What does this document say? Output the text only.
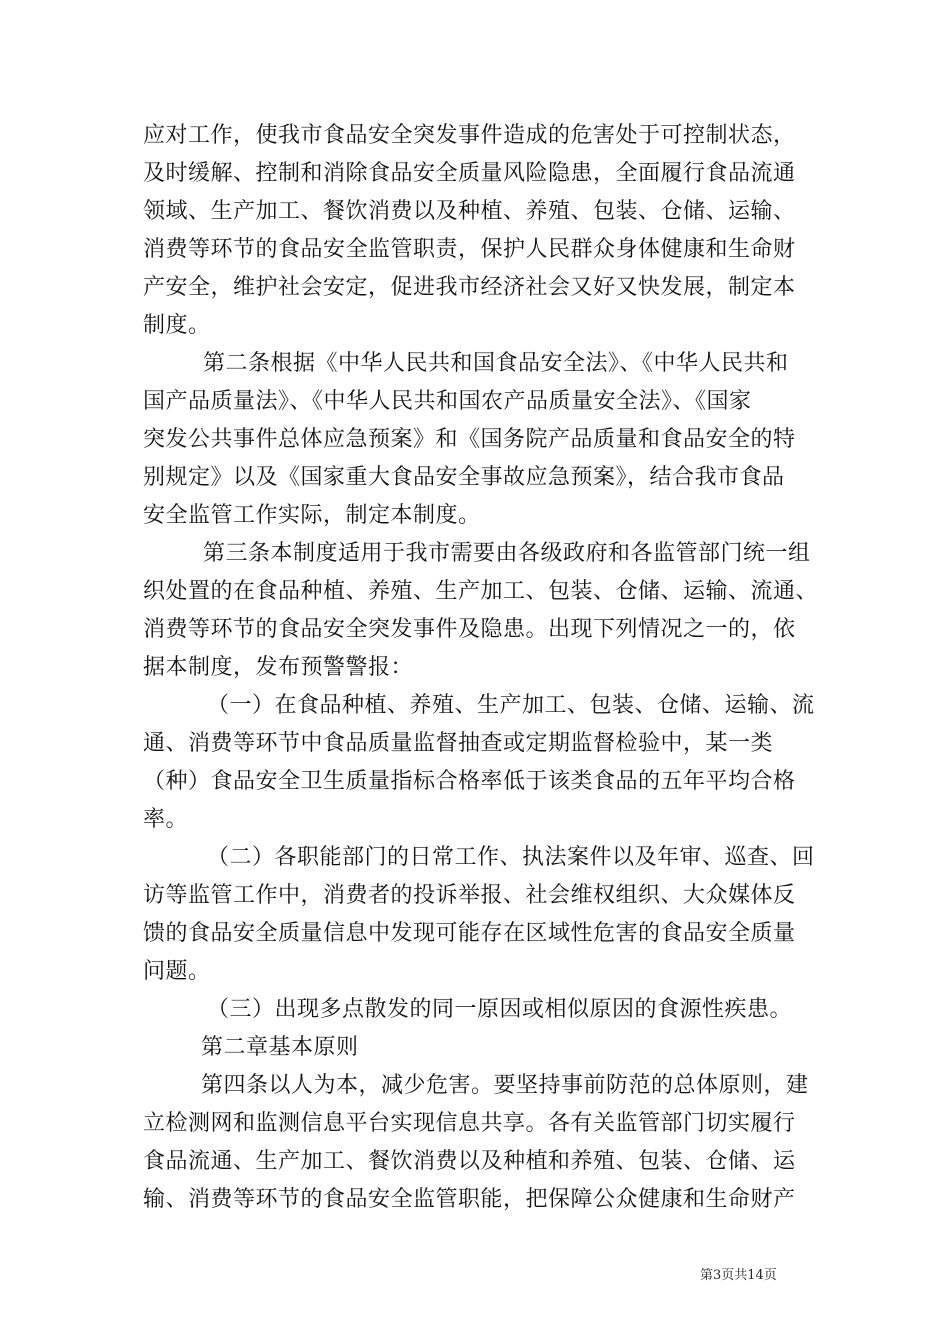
应对工作，使我市食品安全突发事件造成的危害处于可控制状态，
及时缓解、控制和消除食品安全质量风险隐患，全面履行食品流通
领域、生产加工、餐饮消费以及种植、养殖、包装、仓储、运输、
消费等环节的食品安全监管职责，保护人民群众身体健康和生命财
产安全，维护社会安定，促进我市经济社会又好又快发展，制定本
制度。
第二条根据《中华人民共和国食品安全法》、《中华人民共和
国产品质量法》、《中华人民共和国农产品质量安全法》、《国家
突发公共事件总体应急预案》和《国务院产品质量和食品安全的特
别规定》以及《国家重大食品安全事故应急预案》，结合我市食品
安全监管工作实际，制定本制度。
第三条本制度适用于我市需要由各级政府和各监管部门统一组
织处置的在食品种植、养殖、生产加工、包装、仓储、运输、流通、
消费等环节的食品安全突发事件及隐患。出现下列情况之一的，依
据本制度，发布预警警报：
（一）在食品种植、养殖、生产加工、包装、仓储、运输、流
通、消费等环节中食品质量监督抽查或定期监督检验中，某一类
（种）食品安全卫生质量指标合格率低于该类食品的五年平均合格
率。
（二）各职能部门的日常工作、执法案件以及年审、巡查、回
访等监管工作中，消费者的投诉举报、社会维权组织、大众媒体反
馈的食品安全质量信息中发现可能存在区域性危害的食品安全质量
问题。
（三）出现多点散发的同一原因或相似原因的食源性疾患。
第二章基本原则
第四条以人为本，减少危害。要坚持事前防范的总体原则，建
立检测网和监测信息平台实现信息共享。各有关监管部门切实履行
食品流通、生产加工、餐饮消费以及种植和养殖、包装、仓储、运
输、消费等环节的食品安全监管职能，把保障公众健康和生命财产
第3页共14页
